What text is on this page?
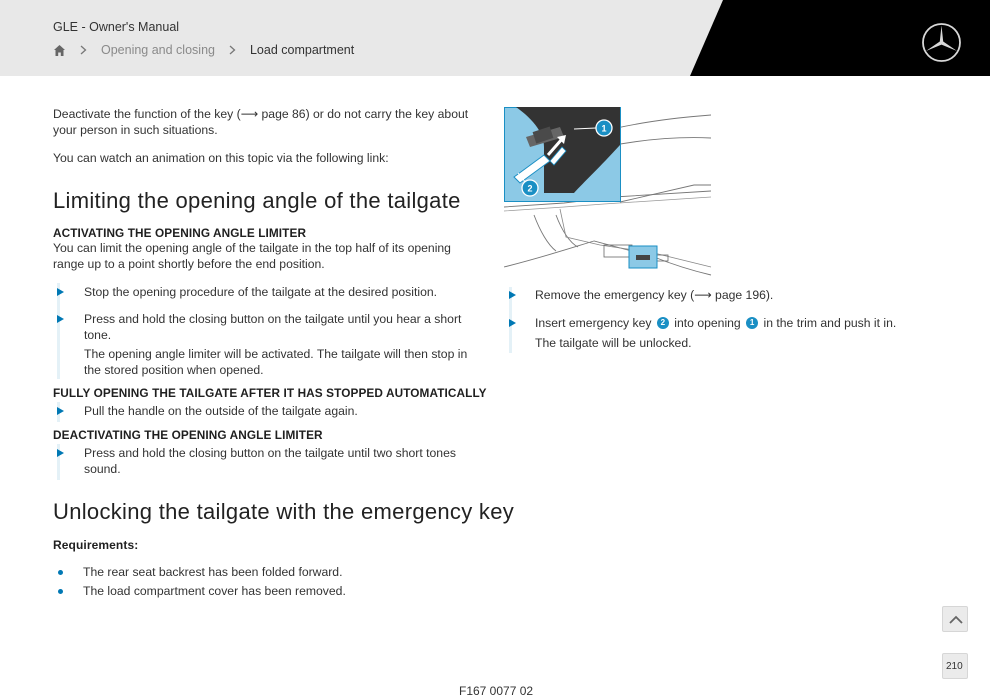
GLE - Owner's Manual
Opening and closing	Load compartment
Deactivate the function of the key (⟶ page 86) or do not carry the key about
your person in such situations.
You can watch an animation on this topic via the following link:
Limiting the opening angle of the tailgate
ACTIVATING THE OPENING ANGLE LIMITER
You can limit the opening angle of the tailgate in the top half of its opening
range up to a point shortly before the end position.
Stop the opening procedure of the tailgate at the desired position.
Press and hold the closing button on the tailgate until you hear a short
tone.
The opening angle limiter will be activated. The tailgate will then stop in
the stored position when opened.
FULLY OPENING THE TAILGATE AFTER IT HAS STOPPED AUTOMATICALLY
Pull the handle on the outside of the tailgate again.
DEACTIVATING THE OPENING ANGLE LIMITER
Press and hold the closing button on the tailgate until two short tones
sound.
Unlocking the tailgate with the emergency key
Requirements:
The rear seat backrest has been folded forward.
The load compartment cover has been removed.
1
2
Remove the emergency key (⟶ page 196).
Insert emergency key 2 into opening 1 in the trim and push it in.
The tailgate will be unlocked.
210
F167 0077 02
